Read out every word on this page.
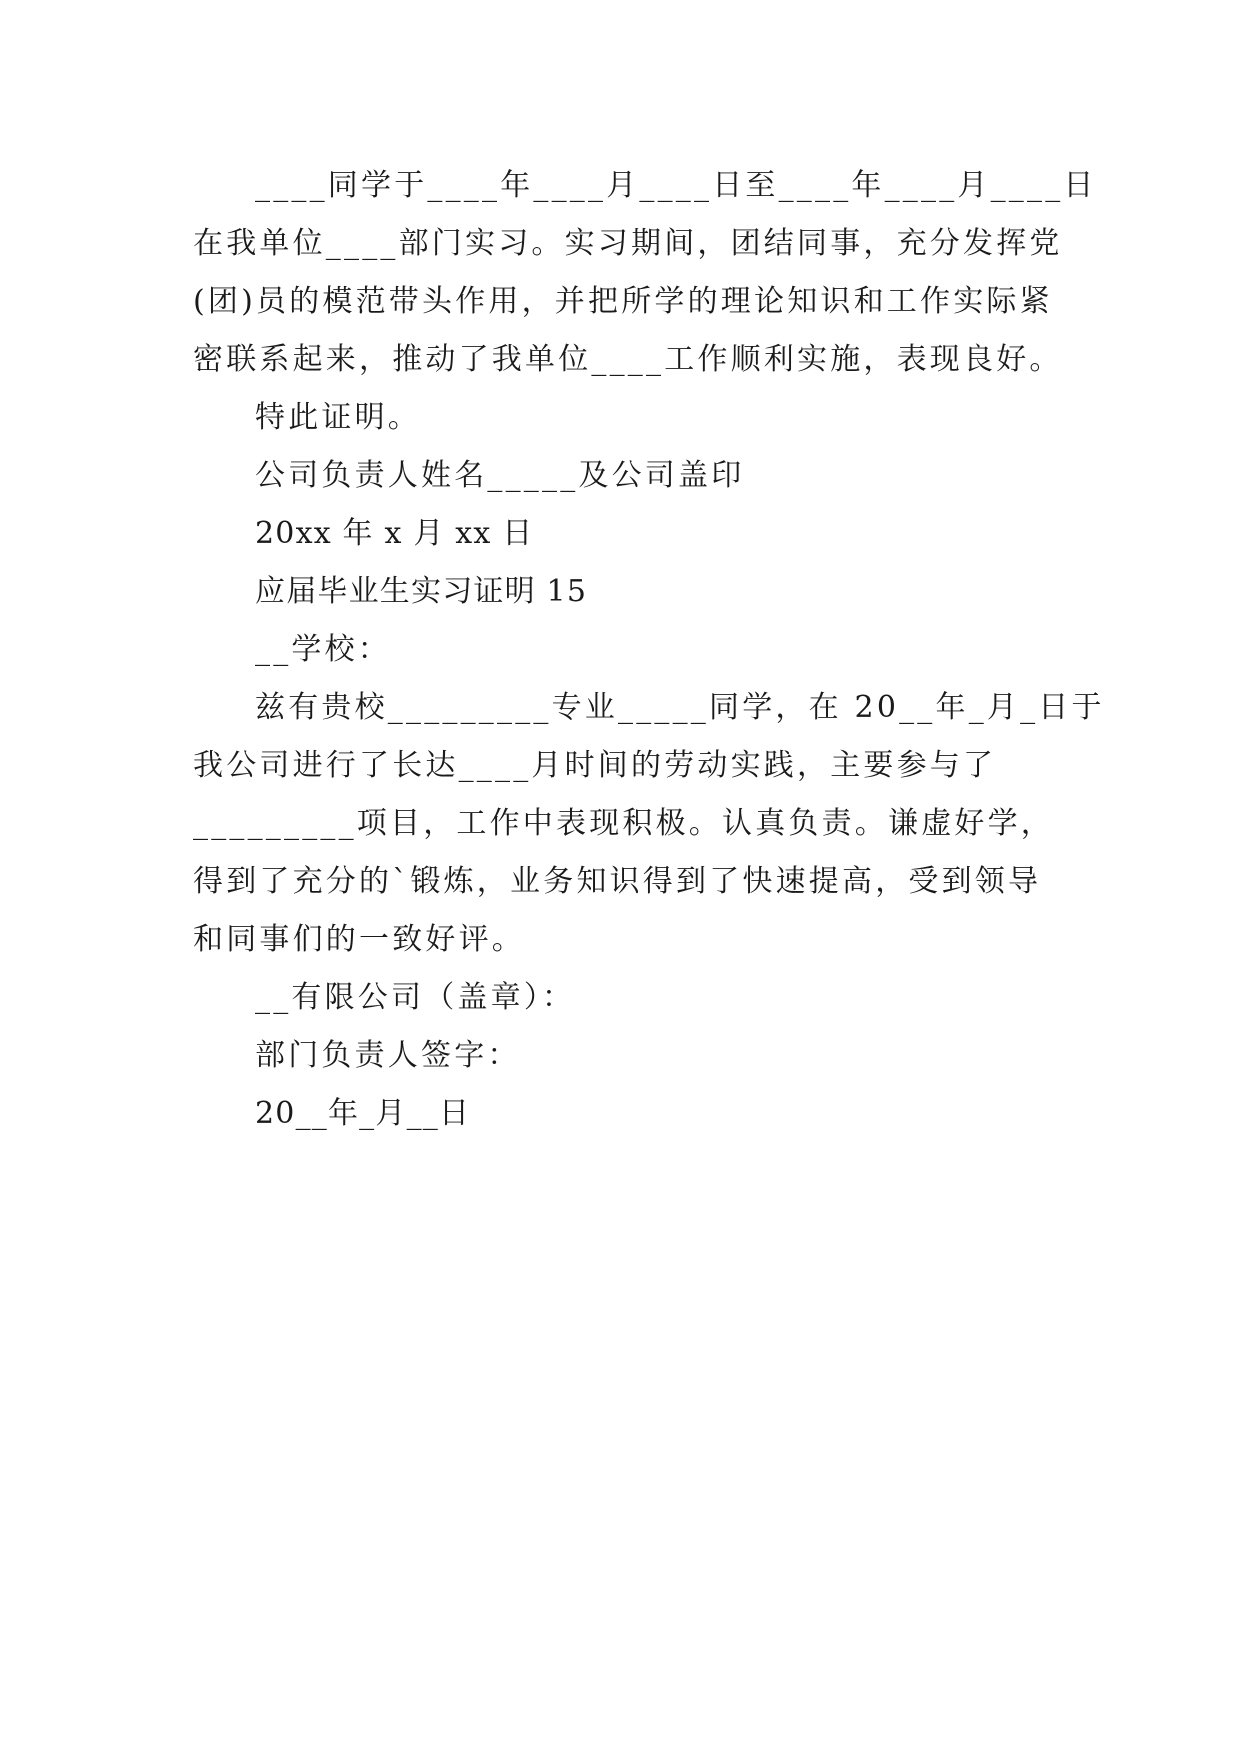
____同学于____年____月____日至____年____月____日
在我单位____部门实习。实习期间，团结同事，充分发挥党
(团)员的模范带头作用，并把所学的理论知识和工作实际紧
密联系起来，推动了我单位____工作顺利实施，表现良好。
特此证明。
公司负责人姓名_____及公司盖印
20xx 年 x 月 xx 日
应届毕业生实习证明 15
__学校：
兹有贵校_________专业_____同学，在 20__年_月_日于
我公司进行了长达____月时间的劳动实践，主要参与了
_________项目，工作中表现积极。认真负责。谦虚好学，
得到了充分的`锻炼，业务知识得到了快速提高，受到领导
和同事们的一致好评。
__有限公司（盖章）：
部门负责人签字：
20__年_月__日
